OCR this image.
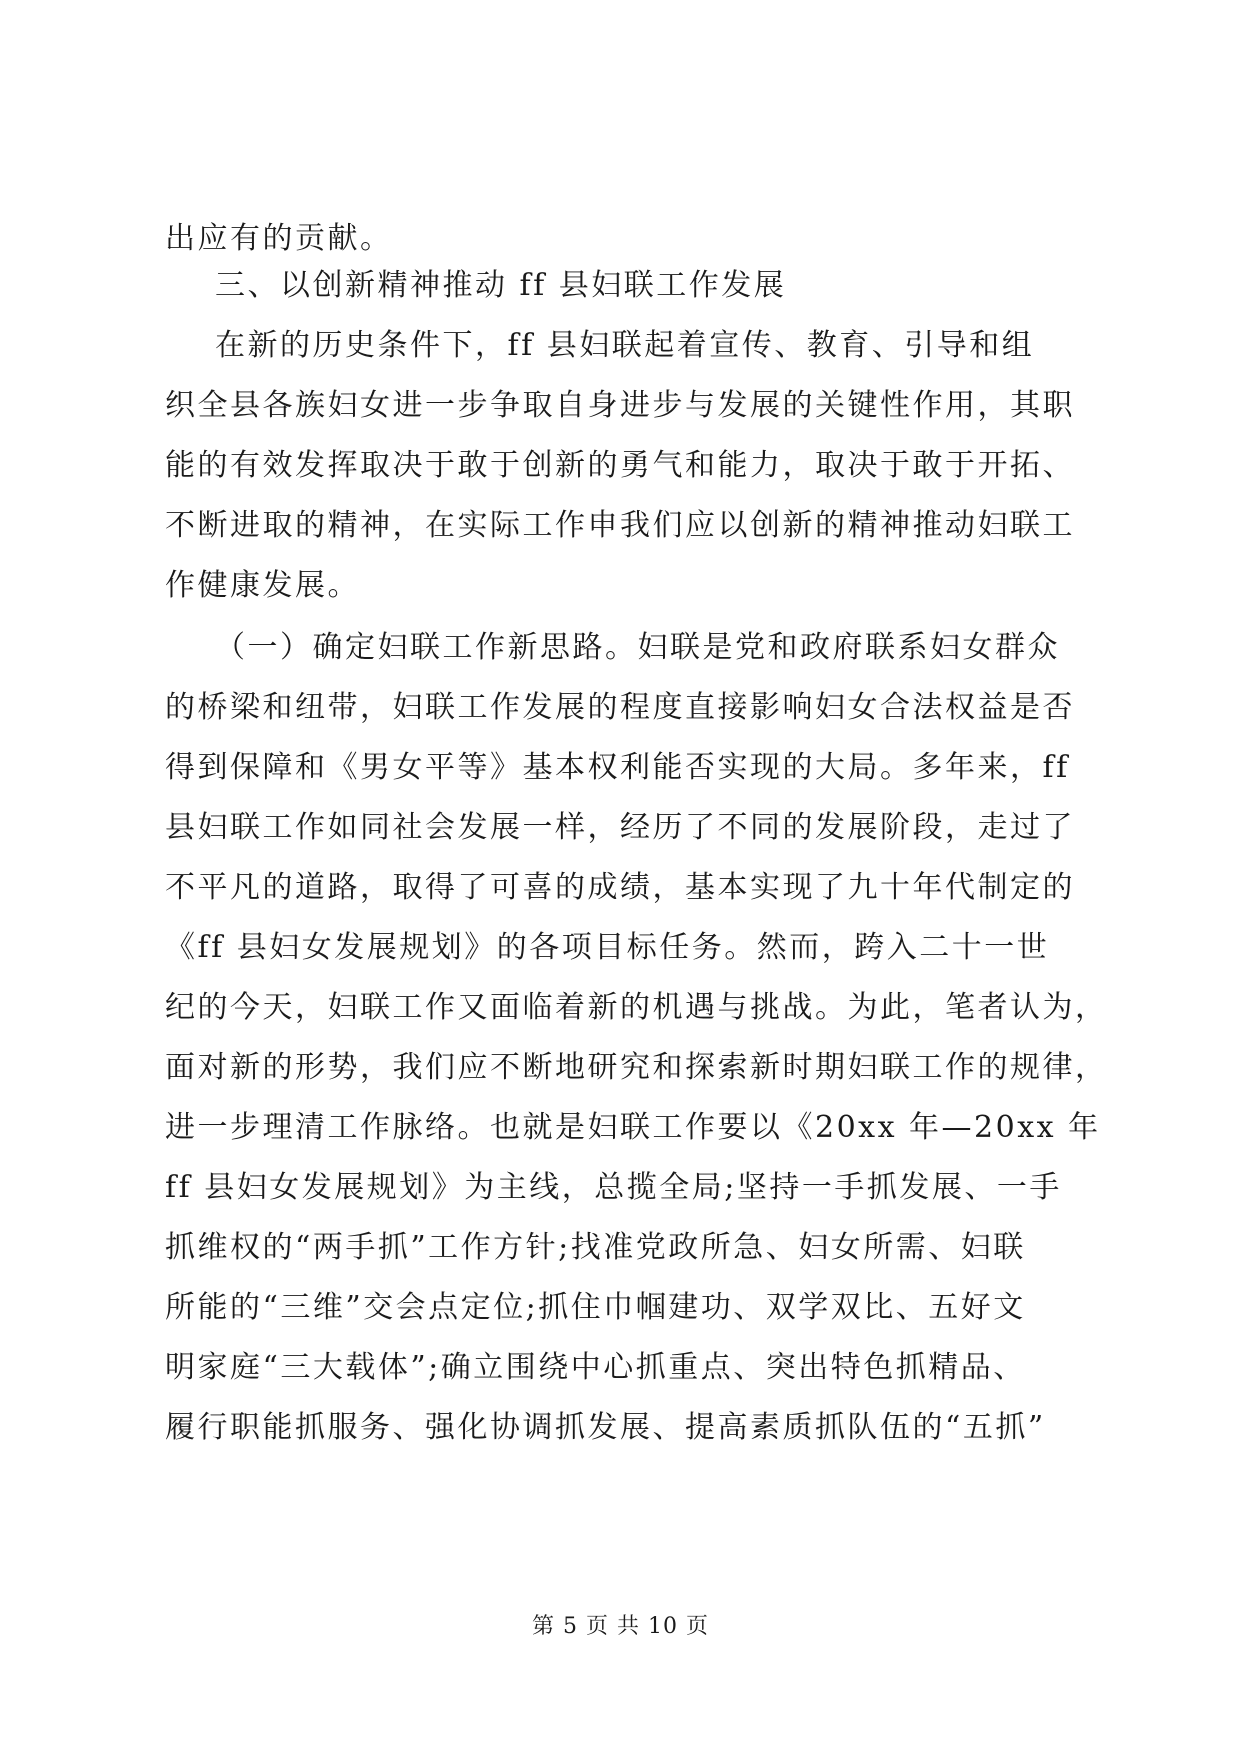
出应有的贡献。
三、以创新精神推动 ff 县妇联工作发展
在新的历史条件下，ff 县妇联起着宣传、教育、引导和组
织全县各族妇女进一步争取自身进步与发展的关键性作用，其职
能的有效发挥取决于敢于创新的勇气和能力，取决于敢于开拓、
不断进取的精神，在实际工作申我们应以创新的精神推动妇联工
作健康发展。
（一）确定妇联工作新思路。妇联是党和政府联系妇女群众
的桥梁和纽带，妇联工作发展的程度直接影响妇女合法权益是否
得到保障和《男女平等》基本权利能否实现的大局。多年来，ff
县妇联工作如同社会发展一样，经历了不同的发展阶段，走过了
不平凡的道路，取得了可喜的成绩，基本实现了九十年代制定的
《ff 县妇女发展规划》的各项目标任务。然而，跨入二十一世
纪的今天，妇联工作又面临着新的机遇与挑战。为此，笔者认为，
面对新的形势，我们应不断地研究和探索新时期妇联工作的规律，
进一步理清工作脉络。也就是妇联工作要以《20xx 年—20xx 年
ff 县妇女发展规划》为主线，总揽全局;坚持一手抓发展、一手
抓维权的“两手抓”工作方针;找准党政所急、妇女所需、妇联
所能的“三维”交会点定位;抓住巾帼建功、双学双比、五好文
明家庭“三大载体”;确立围绕中心抓重点、突出特色抓精品、
履行职能抓服务、强化协调抓发展、提高素质抓队伍的“五抓”
第 5 页 共 10 页
